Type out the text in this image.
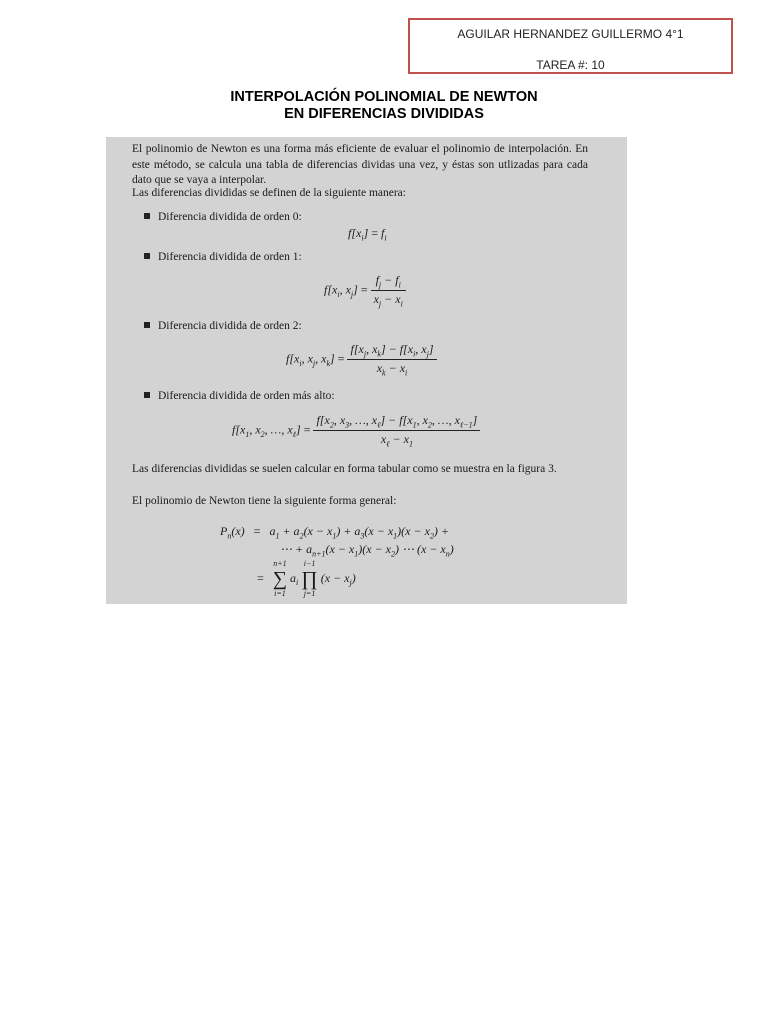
AGUILAR HERNANDEZ GUILLERMO 4°1
TAREA #: 10
INTERPOLACIÓN POLINOMIAL DE NEWTON
EN DIFERENCIAS DIVIDIDAS
El polinomio de Newton es una forma más eficiente de evaluar el polinomio de interpolación. En este método, se calcula una tabla de diferencias dividas una vez, y éstas son utlizadas para cada dato que se vaya a interpolar.
Las diferencias divididas se definen de la siguiente manera:
Diferencia dividida de orden 0:
$f[x_i] = f_i$
Diferencia dividida de orden 1:
$f[x_i$, $x_j] = \frac{f_j - f_i}{x_j - x_i}$
Diferencia dividida de orden 2:
$f[x_i$, $x_j$, $x_k] = \frac{f[x_j, x_k] - f[x_i, x_j]}{x_k - x_i}$
Diferencia dividida de orden más alto:
$f[x_1$, $x_2$, …, $x_\ell] = \frac{f[x_2, x_3, \dots, x_\ell] - f[x_1, x_2, \dots, x_{\ell-1}]}{x_\ell - x_1}$
Las diferencias divididas se suelen calcular en forma tabular como se muestra en la figura 3.
El polinomio de Newton tiene la siguiente forma general:
$P_n(x) = a_1 + a_2(x - x_1) + a_3(x - x_1)(x - x_2)$ +
⋯ + $a_{n+1}(x - x_1)(x - x_2)$ ⋯ $(x - x_n)$
=
n+1
∑
i=1
$a_i$
i−1
∏
j=1
$(x - x_j)$
